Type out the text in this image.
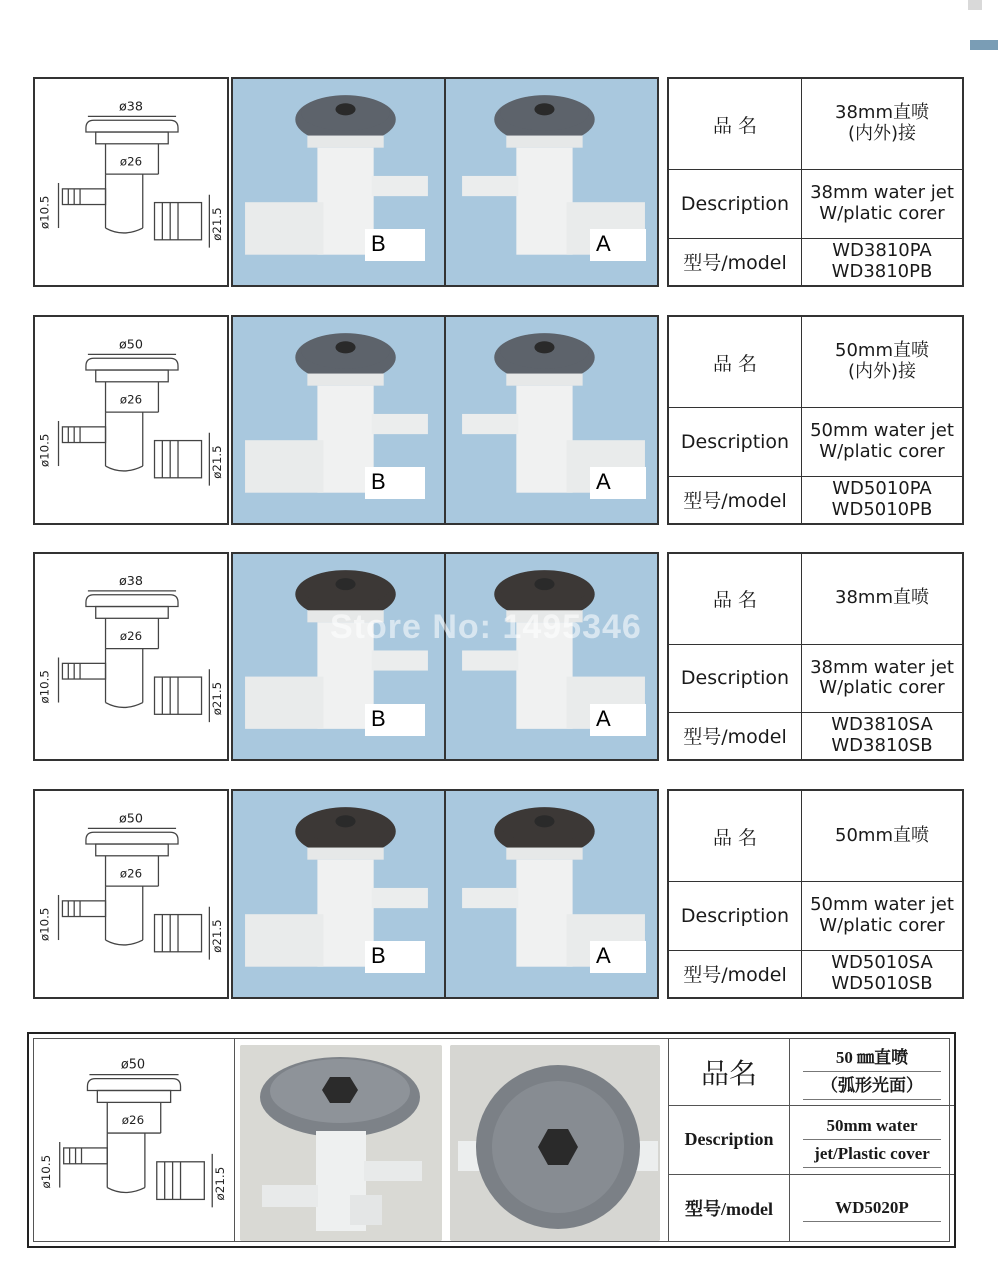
ø38
ø26
ø21.5
ø10.5
B	A
品 名	38mm直喷
(内外)接

Description	38mm water jet
W/platic corer

型号/model	WD3810PA
WD3810PB
ø50
ø26
ø21.5
ø10.5
B	A
品 名	50mm直喷
(内外)接

Description	50mm water jet
W/platic corer

型号/model	WD5010PA
WD5010PB
ø38
ø26
ø21.5
ø10.5
B	A
品 名	38mm直喷

Description	38mm water jet
W/platic corer

型号/model	WD3810SA
WD3810SB
ø50
ø26
ø21.5
ø10.5
B	A
品 名	50mm直喷

Description	50mm water jet
W/platic corer

型号/model	WD5010SA
WD5010SB
Store No: 1495346
ø50
ø26
ø21.5
ø10.5
品名	50 ㎜直喷
（弧形光面）

Description	50mm water
jet/Plastic cover

型号/model	WD5020P
